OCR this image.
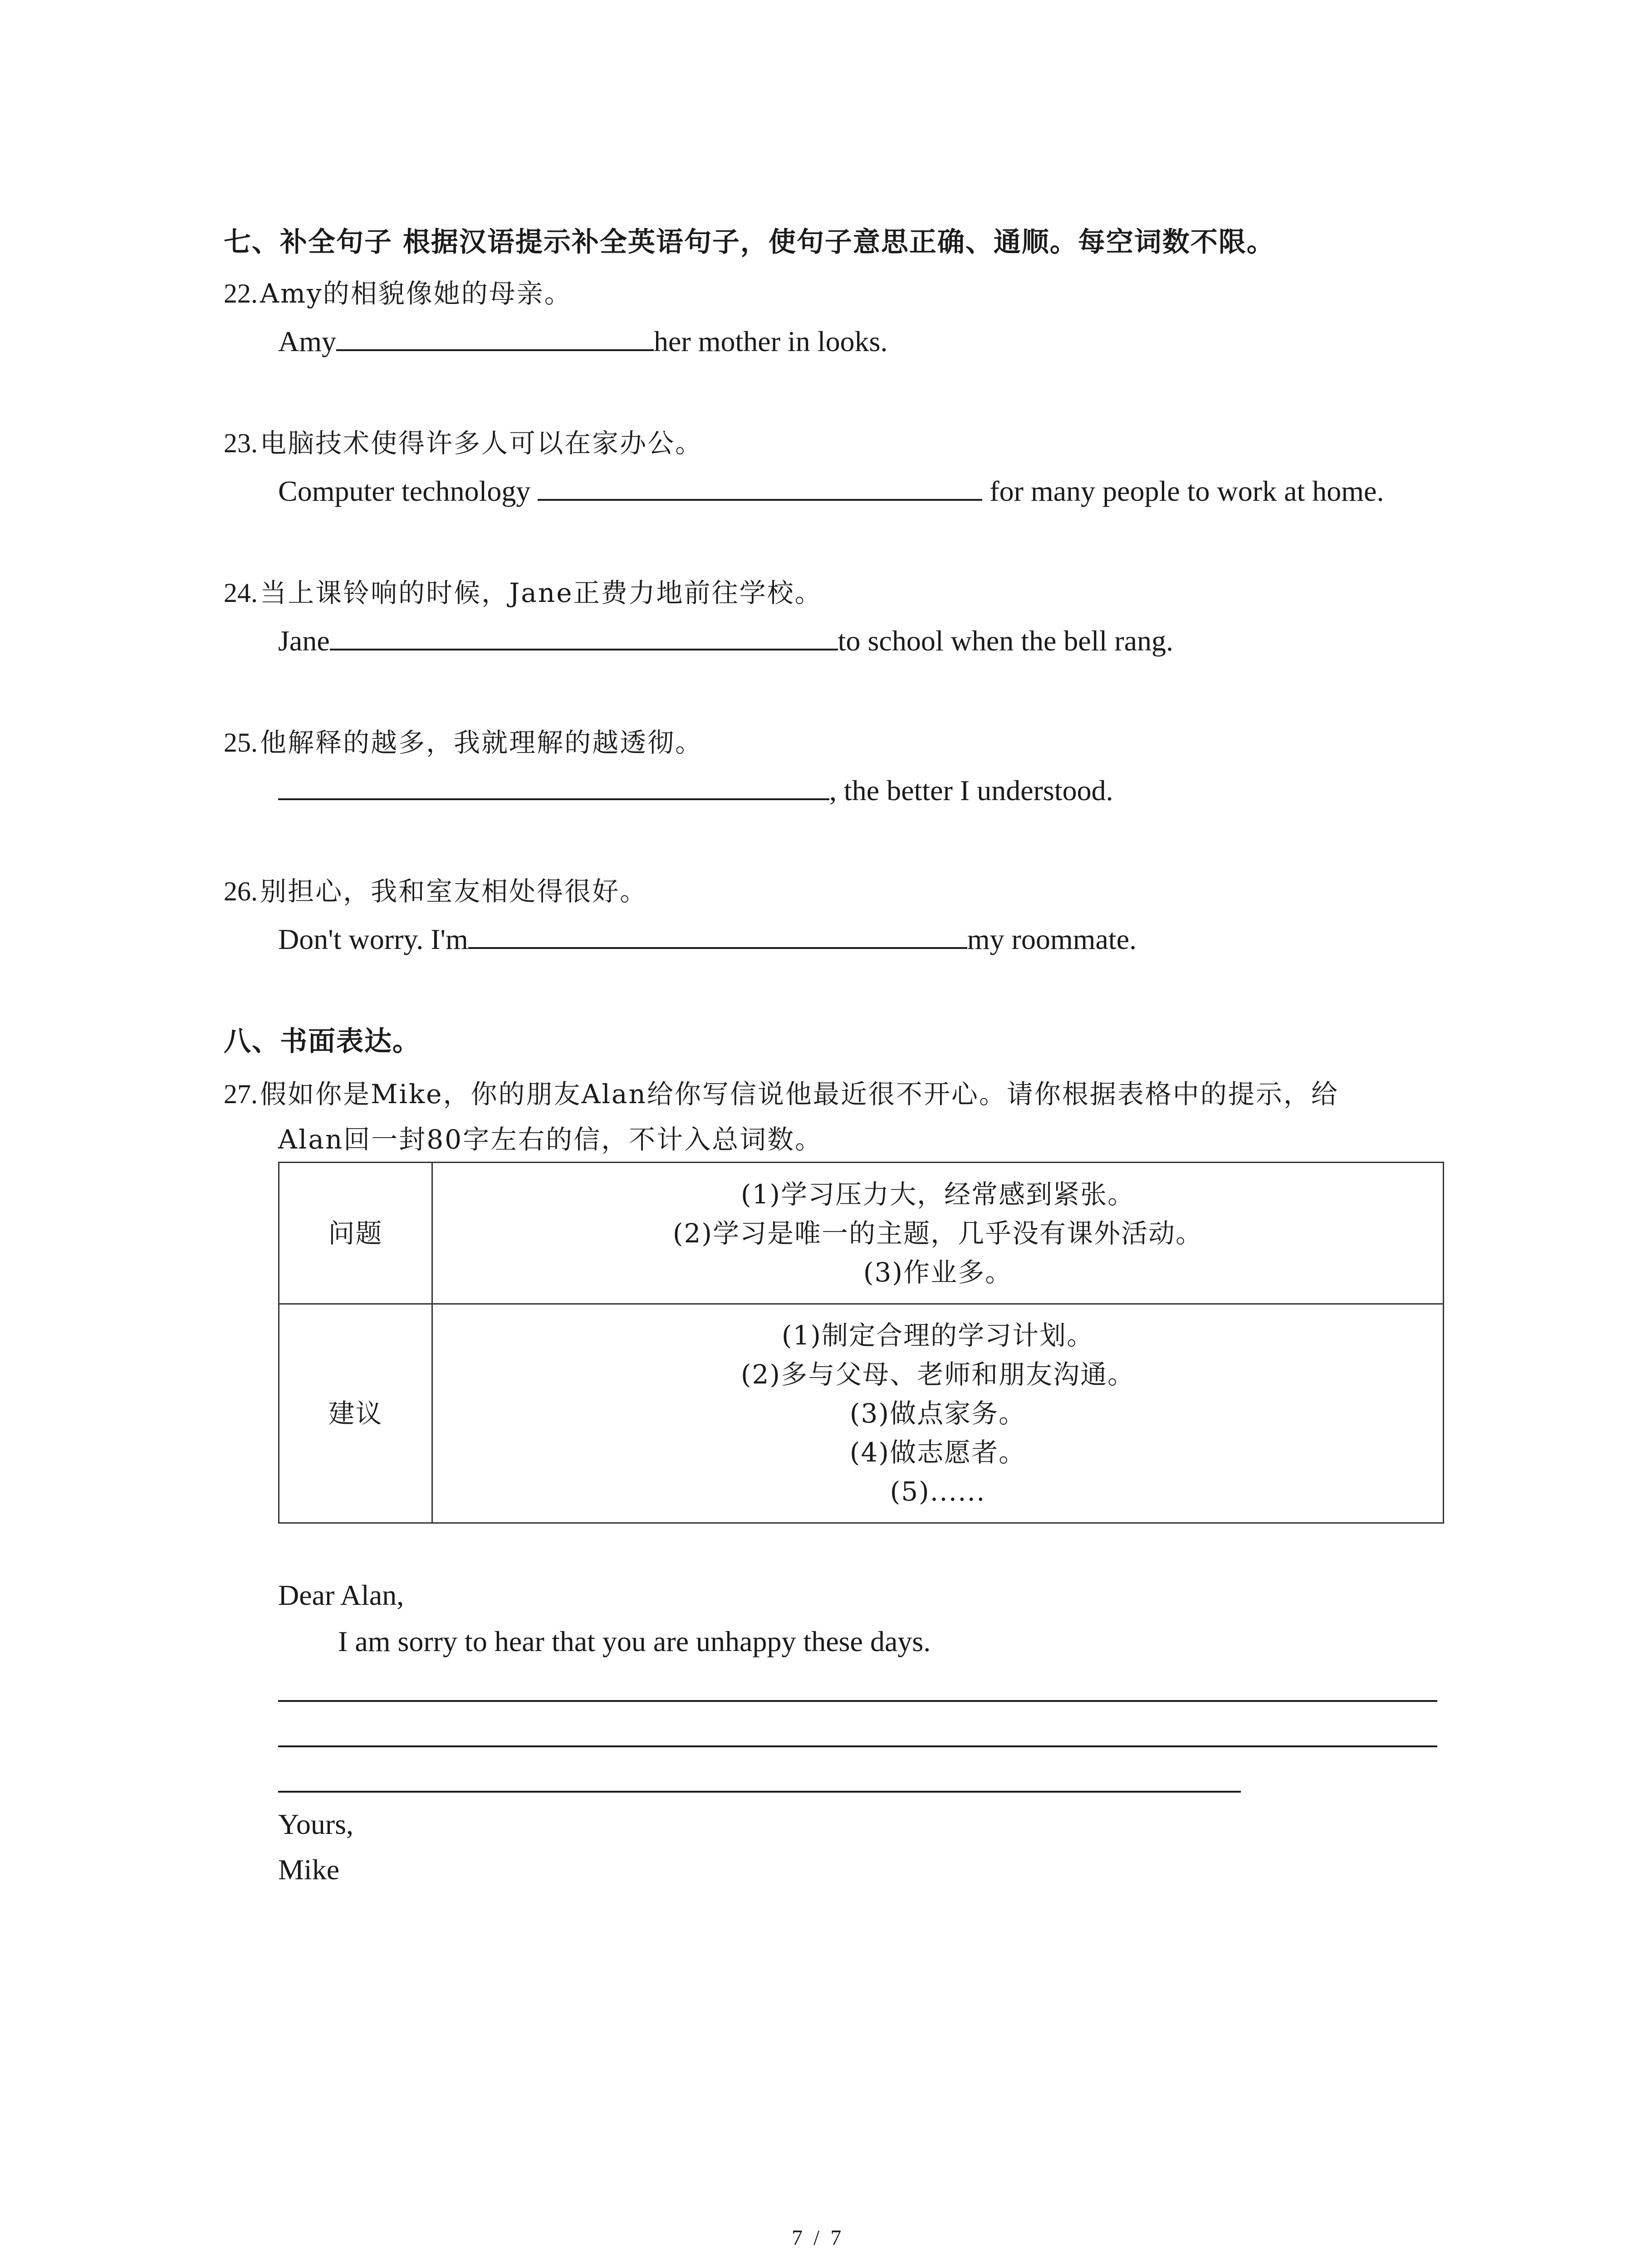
七、补全句子 根据汉语提示补全英语句子，使句子意思正确、通顺。每空词数不限。
22. Amy的相貌像她的母亲。
Amy	her mother in looks.
23. 电脑技术使得许多人可以在家办公。
Computer technology	for many people to work at home.
24. 当上课铃响的时候，Jane正费力地前往学校。
Jane	to school when the bell rang.
25. 他解释的越多，我就理解的越透彻。
, the better I understood.
26. 别担心，我和室友相处得很好。
Don't worry. I'm	my roommate.
八、书面表达。
27. 假如你是Mike，你的朋友Alan给你写信说他最近很不开心。请你根据表格中的提示，给
Alan回一封80字左右的信，不计入总词数。
问题	(1)学习压力大，经常感到紧张。
(2)学习是唯一的主题，几乎没有课外活动。
(3)作业多。

建议	(1)制定合理的学习计划。
(2)多与父母、老师和朋友沟通。
(3)做点家务。
(4)做志愿者。
(5)......
Dear Alan,
I am sorry to hear that you are unhappy these days.
Yours,
Mike
7 / 7
